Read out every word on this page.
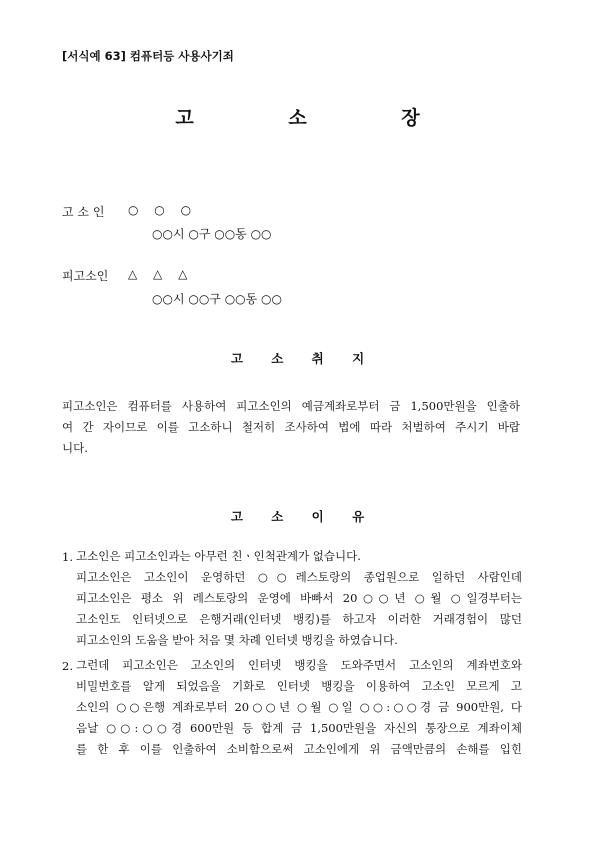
[서식예 63] 컴퓨터등 사용사기죄
고 소 장
고 소 인 ○ ○ ○
○○시 ○구 ○○동 ○○
피고소인 △ △ △
○○시 ○○구 ○○동 ○○
고 소 취 지
피고소인은 컴퓨터를 사용하여 피고소인의 예금계좌로부터 금 1,500만원을 인출하
여 간 자이므로 이를 고소하니 철저히 조사하여 법에 따라 처벌하여 주시기 바랍
니다.
고 소 이 유
1. 고소인은 피고소인과는 아무런 친ㆍ인척관계가 없습니다.
피고소인은 고소인이 운영하던 ○○레스토랑의 종업원으로 일하던 사람인데
피고소인은 평소 위 레스토랑의 운영에 바빠서 20○○년 ○월 ○일경부터는
고소인도 인터넷으로 은행거래(인터넷 뱅킹)를 하고자 이러한 거래경험이 많던
피고소인의 도움을 받아 처음 몇 차례 인터넷 뱅킹을 하였습니다.
2. 그런데 피고소인은 고소인의 인터넷 뱅킹을 도와주면서 고소인의 계좌번호와
비밀번호를 알게 되었음을 기화로 인터넷 뱅킹을 이용하여 고소인 모르게 고
소인의 ○○은행 계좌로부터 20○○년 ○월 ○일 ○○:○○경 금 900만원, 다
음날 ○○:○○경 600만원 등 합계 금 1,500만원을 자신의 통장으로 계좌이체
를 한 후 이를 인출하여 소비함으로써 고소인에게 위 금액만큼의 손해를 입힌
